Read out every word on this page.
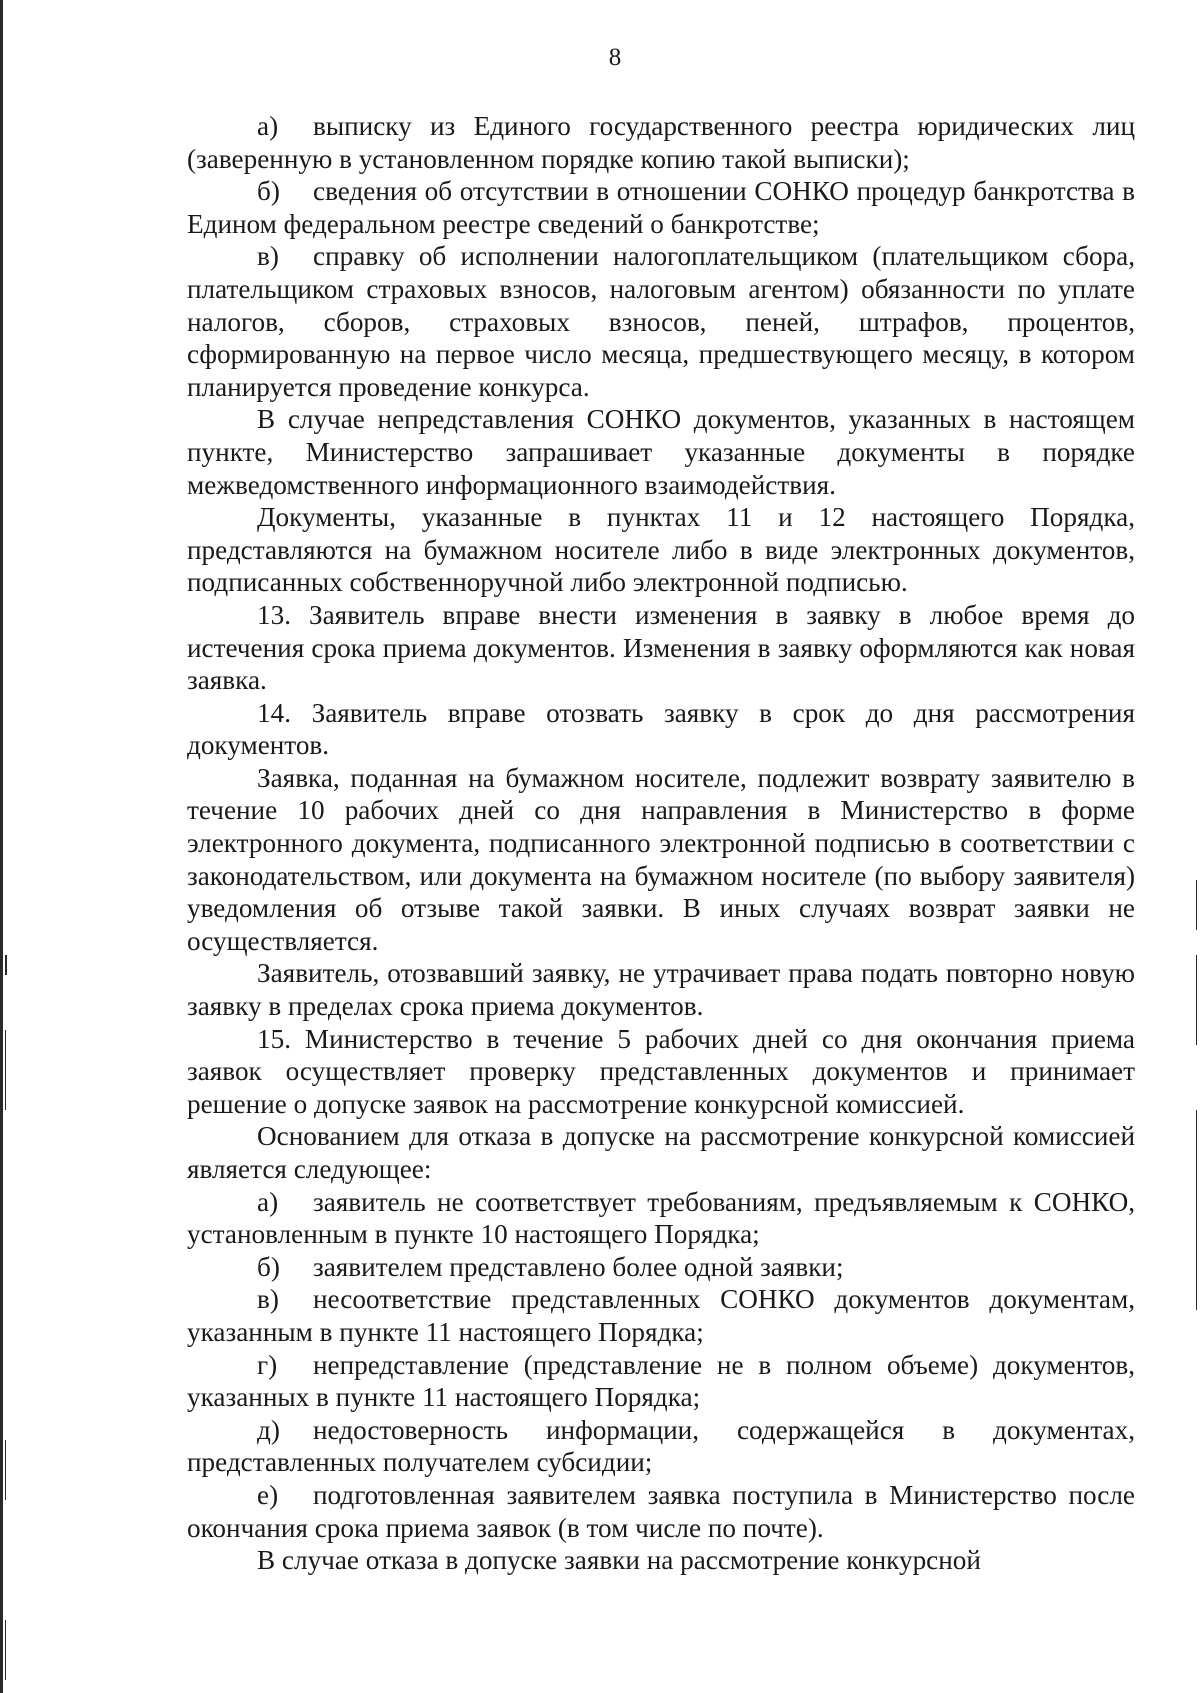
8

а) выписку из Единого государственного реестра юридических лиц (заверенную в установленном порядке копию такой выписки);

б) сведения об отсутствии в отношении СОНКО процедур банкротства в Едином федеральном реестре сведений о банкротстве;

в) справку об исполнении налогоплательщиком (плательщиком сбора, плательщиком страховых взносов, налоговым агентом) обязанности по уплате налогов, сборов, страховых взносов, пеней, штрафов, процентов, сформированную на первое число месяца, предшествующего месяцу, в котором планируется проведение конкурса.

В случае непредставления СОНКО документов, указанных в настоящем пункте, Министерство запрашивает указанные документы в порядке межведомственного информационного взаимодействия.

Документы, указанные в пунктах 11 и 12 настоящего Порядка, представляются на бумажном носителе либо в виде электронных документов, подписанных собственноручной либо электронной подписью.

13. Заявитель вправе внести изменения в заявку в любое время до истечения срока приема документов. Изменения в заявку оформляются как новая заявка.

14. Заявитель вправе отозвать заявку в срок до дня рассмотрения документов.

Заявка, поданная на бумажном носителе, подлежит возврату заявителю в течение 10 рабочих дней со дня направления в Министерство в форме электронного документа, подписанного электронной подписью в соответствии с законодательством, или документа на бумажном носителе (по выбору заявителя) уведомления об отзыве такой заявки. В иных случаях возврат заявки не осуществляется.

Заявитель, отозвавший заявку, не утрачивает права подать повторно новую заявку в пределах срока приема документов.

15. Министерство в течение 5 рабочих дней со дня окончания приема заявок осуществляет проверку представленных документов и принимает решение о допуске заявок на рассмотрение конкурсной комиссией.

Основанием для отказа в допуске на рассмотрение конкурсной комиссией является следующее:

а) заявитель не соответствует требованиям, предъявляемым к СОНКО, установленным в пункте 10 настоящего Порядка;

б) заявителем представлено более одной заявки;

в) несоответствие представленных СОНКО документов документам, указанным в пункте 11 настоящего Порядка;

г) непредставление (представление не в полном объеме) документов, указанных в пункте 11 настоящего Порядка;

д) недостоверность информации, содержащейся в документах, представленных получателем субсидии;

е) подготовленная заявителем заявка поступила в Министерство после окончания срока приема заявок (в том числе по почте).

В случае отказа в допуске заявки на рассмотрение конкурсной
